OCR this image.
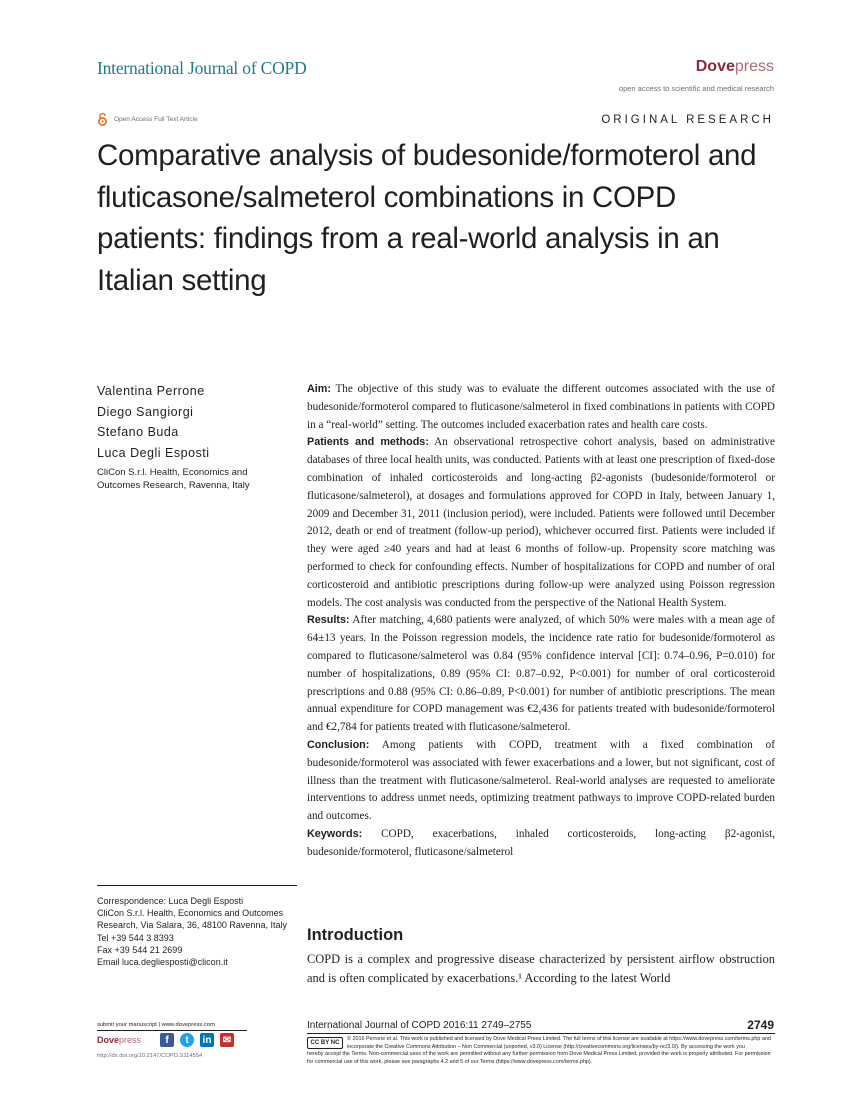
International Journal of COPD	Dovepress
open access to scientific and medical research
Open Access Full Text Article	ORIGINAL RESEARCH
Comparative analysis of budesonide/formoterol and fluticasone/salmeterol combinations in COPD patients: findings from a real-world analysis in an Italian setting
Valentina Perrone
Diego Sangiorgi
Stefano Buda
Luca Degli Esposti
CliCon S.r.l. Health, Economics and Outcomes Research, Ravenna, Italy
Correspondence: Luca Degli Esposti
CliCon S.r.l. Health, Economics and Outcomes Research, Via Salara, 36, 48100 Ravenna, Italy
Tel +39 544 3 8393
Fax +39 544 21 2699
Email luca.degliesposti@clicon.it

Aim: The objective of this study was to evaluate the different outcomes associated with the use of budesonide/formoterol compared to fluticasone/salmeterol in fixed combinations in patients with COPD in a “real-world” setting. The outcomes included exacerbation rates and health care costs.

Patients and methods: An observational retrospective cohort analysis, based on administrative databases of three local health units, was conducted. Patients with at least one prescription of fixed-dose combination of inhaled corticosteroids and long-acting β2-agonists (budesonide/formoterol or fluticasone/salmeterol), at dosages and formulations approved for COPD in Italy, between January 1, 2009 and December 31, 2011 (inclusion period), were included. Patients were followed until December 2012, death or end of treatment (follow-up period), whichever occurred first. Patients were included if they were aged ≥40 years and had at least 6 months of follow-up. Propensity score matching was performed to check for confounding effects. Number of hospitalizations for COPD and number of oral corticosteroid and antibiotic prescriptions during follow-up were analyzed using Poisson regression models. The cost analysis was conducted from the perspective of the National Health System.

Results: After matching, 4,680 patients were analyzed, of which 50% were males with a mean age of 64±13 years. In the Poisson regression models, the incidence rate ratio for budesonide/formoterol as compared to fluticasone/salmeterol was 0.84 (95% confidence interval [CI]: 0.74–0.96, P=0.010) for number of hospitalizations, 0.89 (95% CI: 0.87–0.92, P<0.001) for number of oral corticosteroid prescriptions and 0.88 (95% CI: 0.86–0.89, P<0.001) for number of antibiotic prescriptions. The mean annual expenditure for COPD management was €2,436 for patients treated with budesonide/formoterol and €2,784 for patients treated with fluticasone/salmeterol.

Conclusion: Among patients with COPD, treatment with a fixed combination of budesonide/formoterol was associated with fewer exacerbations and a lower, but not significant, cost of illness than the treatment with fluticasone/salmeterol. Real-world analyses are requested to ameliorate interventions to address unmet needs, optimizing treatment pathways to improve COPD-related burden and outcomes.

Keywords: COPD, exacerbations, inhaled corticosteroids, long-acting β2-agonist, budesonide/formoterol, fluticasone/salmeterol

Introduction

COPD is a complex and progressive disease characterized by persistent airflow obstruction and is often complicated by exacerbations.¹ According to the latest World

submit your manuscript | www.dovepress.com
Dovepress	f	t	in ✉
http://dx.doi.org/10.2147/COPD.S114554
International Journal of COPD 2016:11 2749–2755	2749
CC BY NC
© 2016 Perrone et al. This work is published and licensed by Dove Medical Press Limited. The full terms of this license are available at https://www.dovepress.com/terms.php and incorporate the Creative Commons Attribution – Non Commercial (unported, v3.0) License (http://creativecommons.org/licenses/by-nc/3.0/). By accessing the work you
hereby accept the Terms. Non-commercial uses of the work are permitted without any further permission from Dove Medical Press Limited, provided the work is properly attributed. For permission for commercial use of this work, please see paragraphs 4.2 and 5 of our Terms (https://www.dovepress.com/terms.php).
